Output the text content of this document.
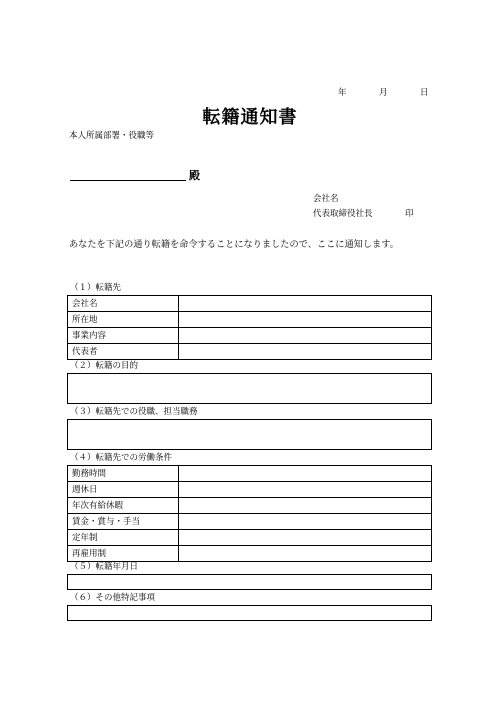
年	月	日
転籍通知書
本人所属部署・役職等
殿
会社名
代表取締役社長	印
あなたを下記の通り転籍を命令することになりましたので、ここに通知します。
（１）転籍先
会社名	
所在地	
事業内容	
代表者	
（２）転籍の目的
（３）転籍先での役職、担当職務
（４）転籍先での労働条件
勤務時間	
週休日	
年次有給休暇	
賃金・賞与・手当	
定年制	
再雇用制	
（５）転籍年月日
（６）その他特記事項
